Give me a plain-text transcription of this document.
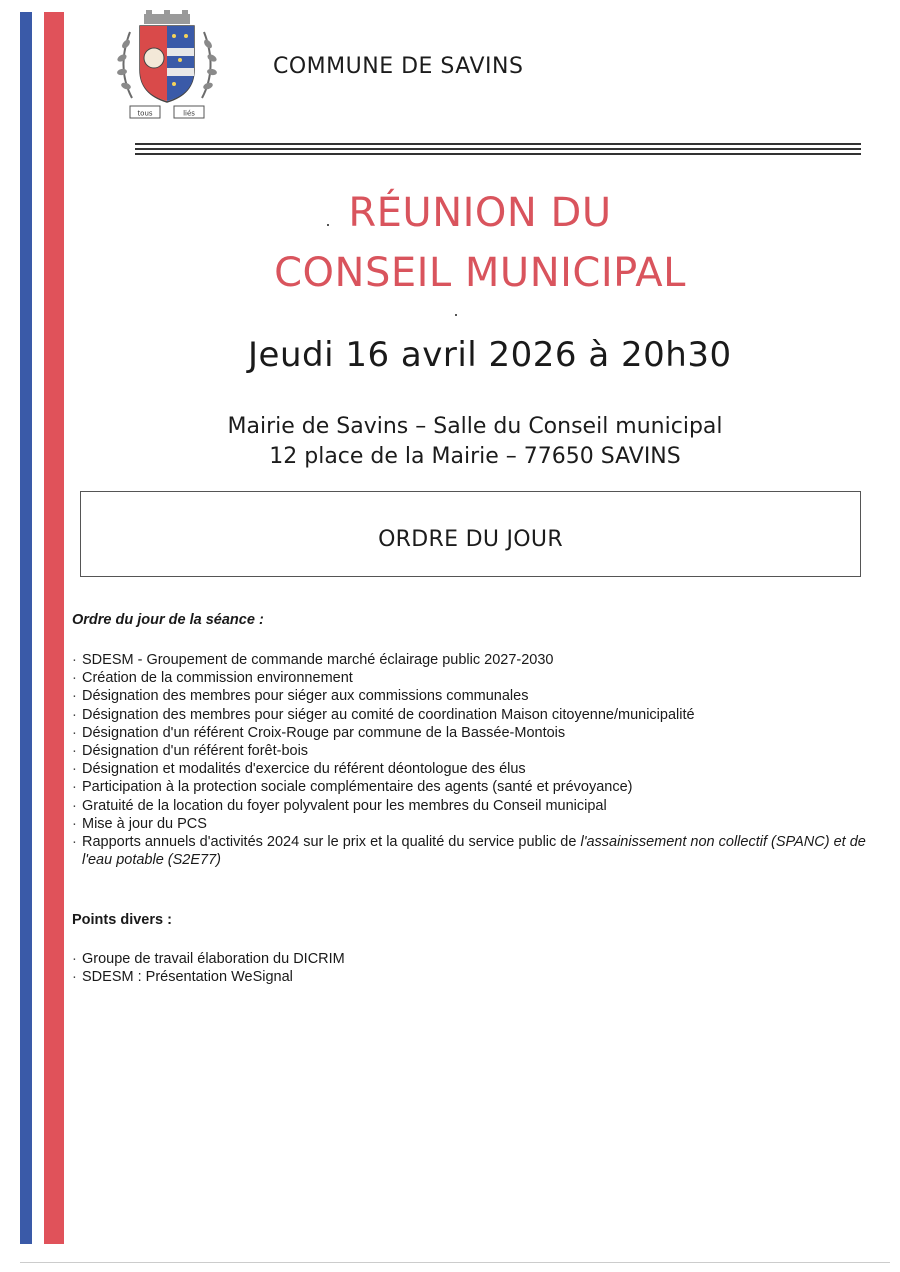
tous	liés
COMMUNE DE SAVINS
RÉUNION DU
CONSEIL MUNICIPAL
Jeudi 16 avril 2026 à 20h30
Mairie de Savins – Salle du Conseil municipal
12 place de la Mairie – 77650 SAVINS
ORDRE DU JOUR
Ordre du jour de la séance :
· SDESM - Groupement de commande marché éclairage public 2027-2030
· Création de la commission environnement
· Désignation des membres pour siéger aux commissions communales
· Désignation des membres pour siéger au comité de coordination Maison citoyenne/municipalité
· Désignation d'un référent Croix-Rouge par commune de la Bassée-Montois
· Désignation d'un référent forêt-bois
· Désignation et modalités d'exercice du référent déontologue des élus
· Participation à la protection sociale complémentaire des agents (santé et prévoyance)
· Gratuité de la location du foyer polyvalent pour les membres du Conseil municipal
· Mise à jour du PCS
· Rapports annuels d'activités 2024 sur le prix et la qualité du service public de l'assainissement non collectif (SPANC) et de l'eau potable (S2E77)
Points divers :
· Groupe de travail élaboration du DICRIM
· SDESM : Présentation WeSignal
